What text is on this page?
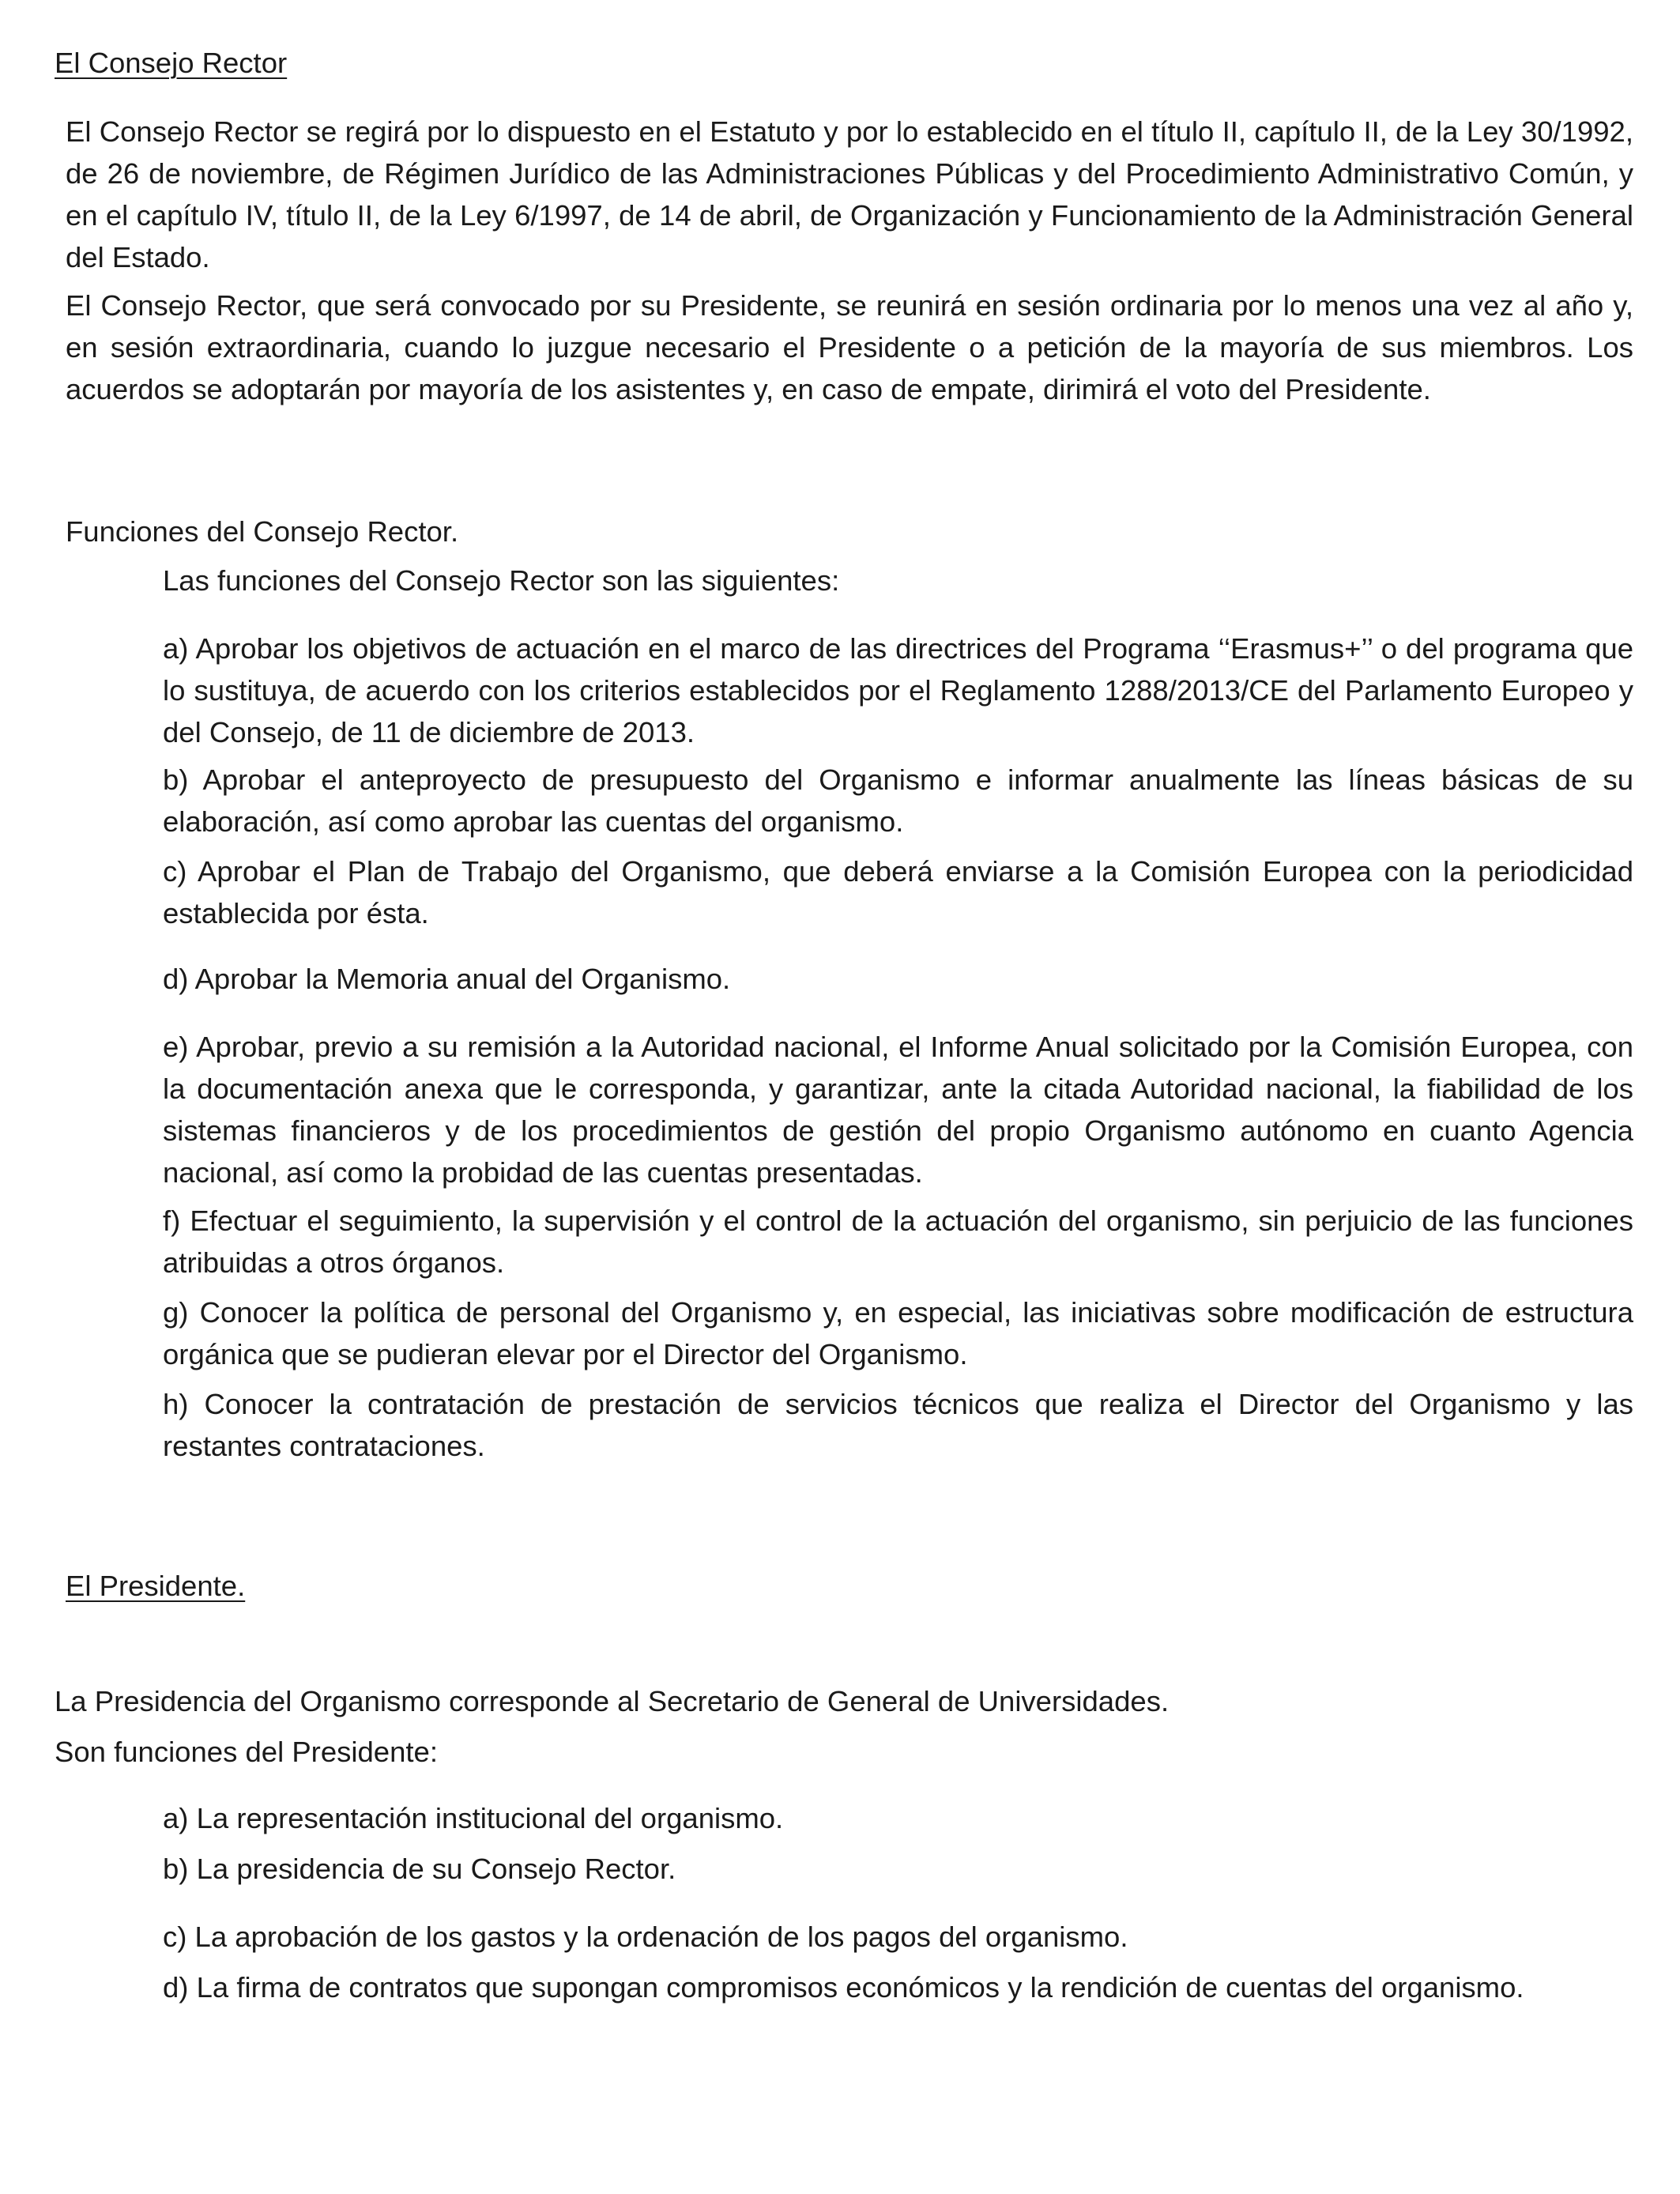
El Consejo Rector

El Consejo Rector se regirá por lo dispuesto en el Estatuto y por lo establecido en el título II, capítulo II, de la Ley 30/1992, de 26 de noviembre, de Régimen Jurídico de las Administraciones Públicas y del Procedimiento Administrativo Común, y en el capítulo IV, título II, de la Ley 6/1997, de 14 de abril, de Organización y Funcionamiento de la Administración General del Estado.

El Consejo Rector, que será convocado por su Presidente, se reunirá en sesión ordinaria por lo menos una vez al año y, en sesión extraordinaria, cuando lo juzgue necesario el Presidente o a petición de la mayoría de sus miembros. Los acuerdos se adoptarán por mayoría de los asistentes y, en caso de empate, dirimirá el voto del Presidente.

Funciones del Consejo Rector.
Las funciones del Consejo Rector son las siguientes:

a) Aprobar los objetivos de actuación en el marco de las directrices del Programa ‘‘Erasmus+’’ o del programa que lo sustituya, de acuerdo con los criterios establecidos por el Reglamento 1288/2013/CE del Parlamento Europeo y del Consejo, de 11 de diciembre de 2013.

b) Aprobar el anteproyecto de presupuesto del Organismo e informar anualmente las líneas básicas de su elaboración, así como aprobar las cuentas del organismo.

c) Aprobar el Plan de Trabajo del Organismo, que deberá enviarse a la Comisión Europea con la periodicidad establecida por ésta.

d) Aprobar la Memoria anual del Organismo.

e) Aprobar, previo a su remisión a la Autoridad nacional, el Informe Anual solicitado por la Comisión Europea, con la documentación anexa que le corresponda, y garantizar, ante la citada Autoridad nacional, la fiabilidad de los sistemas financieros y de los procedimientos de gestión del propio Organismo autónomo en cuanto Agencia nacional, así como la probidad de las cuentas presentadas.

f) Efectuar el seguimiento, la supervisión y el control de la actuación del organismo, sin perjuicio de las funciones atribuidas a otros órganos.

g) Conocer la política de personal del Organismo y, en especial, las iniciativas sobre modificación de estructura orgánica que se pudieran elevar por el Director del Organismo.

h) Conocer la contratación de prestación de servicios técnicos que realiza el Director del Organismo y las restantes contrataciones.

El Presidente.
La Presidencia del Organismo corresponde al Secretario de General de Universidades.
Son funciones del Presidente:
a) La representación institucional del organismo.
b) La presidencia de su Consejo Rector.
c) La aprobación de los gastos y la ordenación de los pagos del organismo.
d) La firma de contratos que supongan compromisos económicos y la rendición de cuentas del organismo.
